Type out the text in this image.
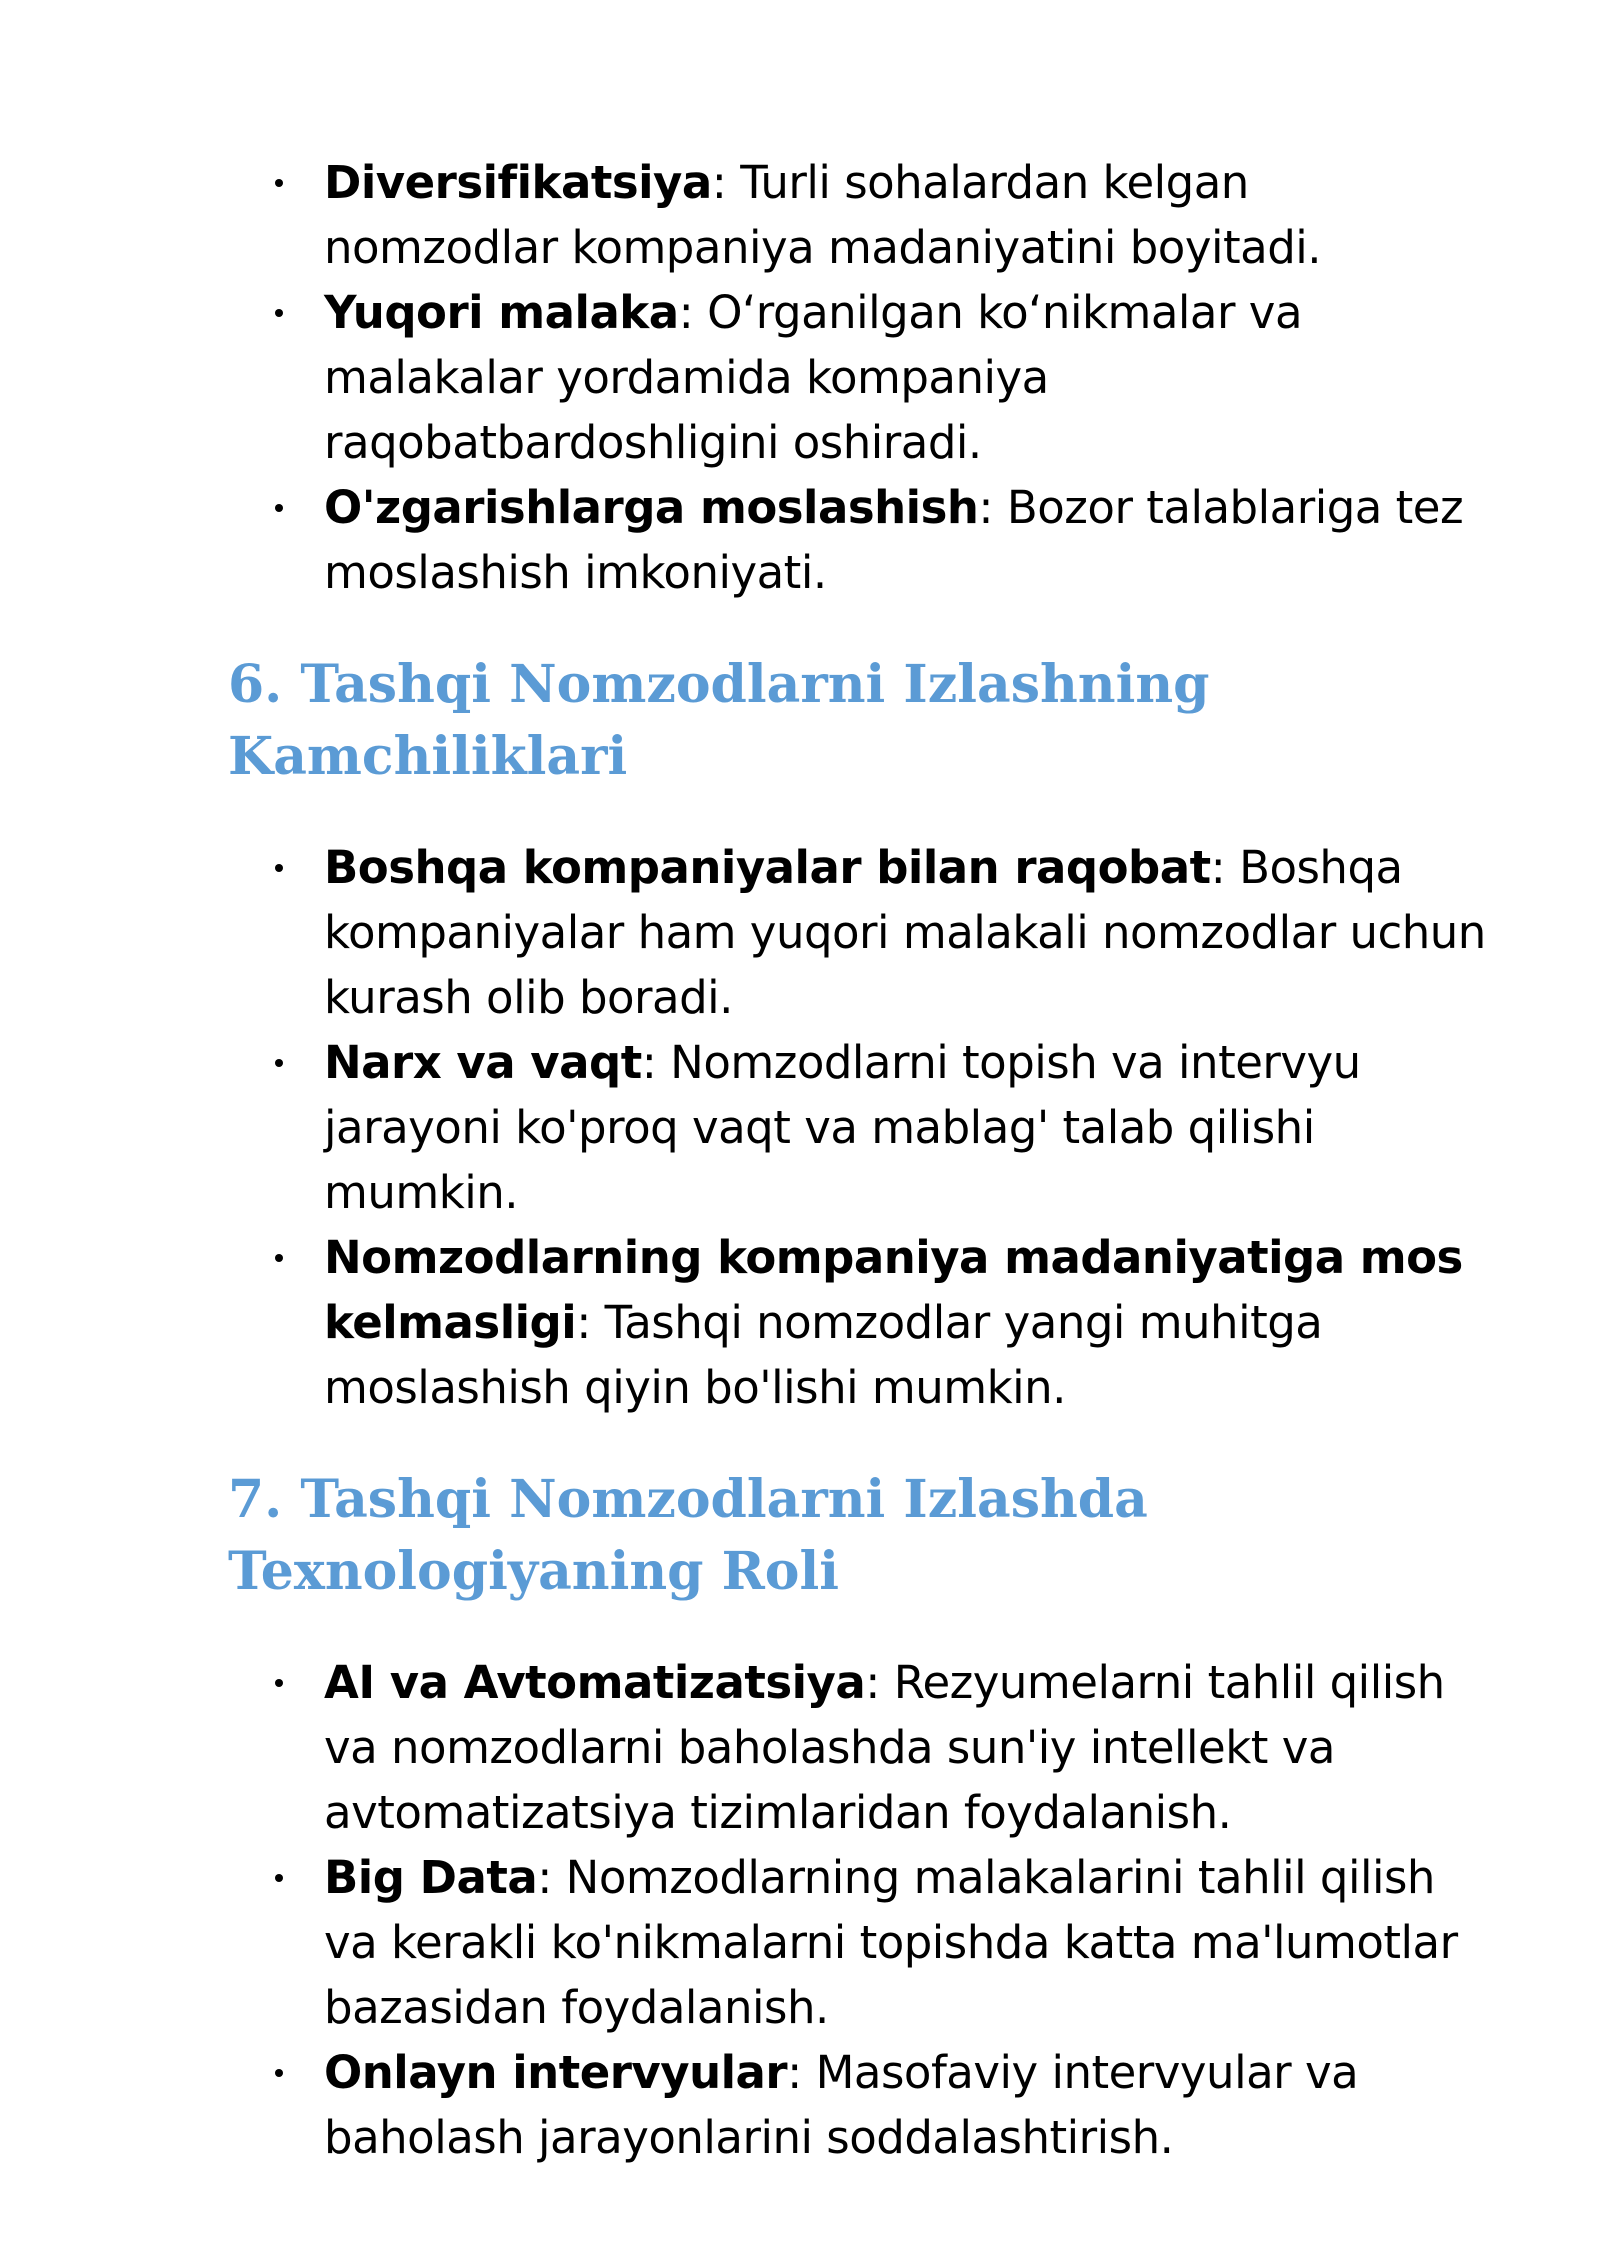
Diversifikatsiya: Turli sohalardan kelgan nomzodlar kompaniya madaniyatini boyitadi.
Yuqori malaka: O‘rganilgan ko‘nikmalar va malakalar yordamida kompaniya raqobatbardoshligini oshiradi.
O'zgarishlarga moslashish: Bozor talablariga tez moslashish imkoniyati.
6. Tashqi Nomzodlarni Izlashning Kamchiliklari
Boshqa kompaniyalar bilan raqobat: Boshqa kompaniyalar ham yuqori malakali nomzodlar uchun kurash olib boradi.
Narx va vaqt: Nomzodlarni topish va intervyu jarayoni ko'proq vaqt va mablag' talab qilishi mumkin.
Nomzodlarning kompaniya madaniyatiga mos kelmasligi: Tashqi nomzodlar yangi muhitga moslashish qiyin bo'lishi mumkin.
7. Tashqi Nomzodlarni Izlashda Texnologiyaning Roli
AI va Avtomatizatsiya: Rezyumelarni tahlil qilish va nomzodlarni baholashda sun'iy intellekt va avtomatizatsiya tizimlaridan foydalanish.
Big Data: Nomzodlarning malakalarini tahlil qilish va kerakli ko'nikmalarni topishda katta ma'lumotlar bazasidan foydalanish.
Onlayn intervyular: Masofaviy intervyular va baholash jarayonlarini soddalashtirish.
